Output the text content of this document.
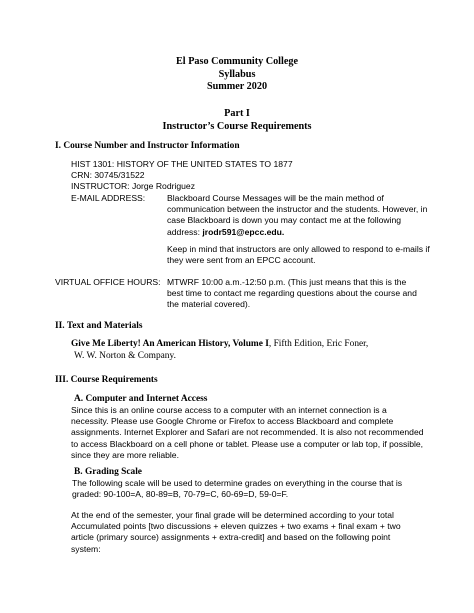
El Paso Community College
Syllabus
Summer 2020
Part I
Instructor’s Course Requirements
I. Course Number and Instructor Information
HIST 1301: HISTORY OF THE UNITED STATES TO 1877
CRN: 30745/31522
INSTRUCTOR: Jorge Rodriguez
E-MAIL ADDRESS:	Blackboard Course Messages will be the main method of
communication between the instructor and the students. However, in
case Blackboard is down you may contact me at the following
address: jrodr591@epcc.edu.
Keep in mind that instructors are only allowed to respond to e-mails if
they were sent from an EPCC account.
VIRTUAL OFFICE HOURS: MTWRF 10:00 a.m.-12:50 p.m. (This just means that this is the
best time to contact me regarding questions about the course and
the material covered).
II. Text and Materials
Give Me Liberty! An American History, Volume I, Fifth Edition, Eric Foner,
W. W. Norton & Company.
III. Course Requirements
A. Computer and Internet Access
Since this is an online course access to a computer with an internet connection is a
necessity. Please use Google Chrome or Firefox to access Blackboard and complete
assignments. Internet Explorer and Safari are not recommended. It is also not recommended
to access Blackboard on a cell phone or tablet. Please use a computer or lab top, if possible,
since they are more reliable.
B. Grading Scale
The following scale will be used to determine grades on everything in the course that is
graded: 90-100=A, 80-89=B, 70-79=C, 60-69=D, 59-0=F.
At the end of the semester, your final grade will be determined according to your total
Accumulated points [two discussions + eleven quizzes + two exams + final exam + two
article (primary source) assignments + extra-credit] and based on the following point
system:
